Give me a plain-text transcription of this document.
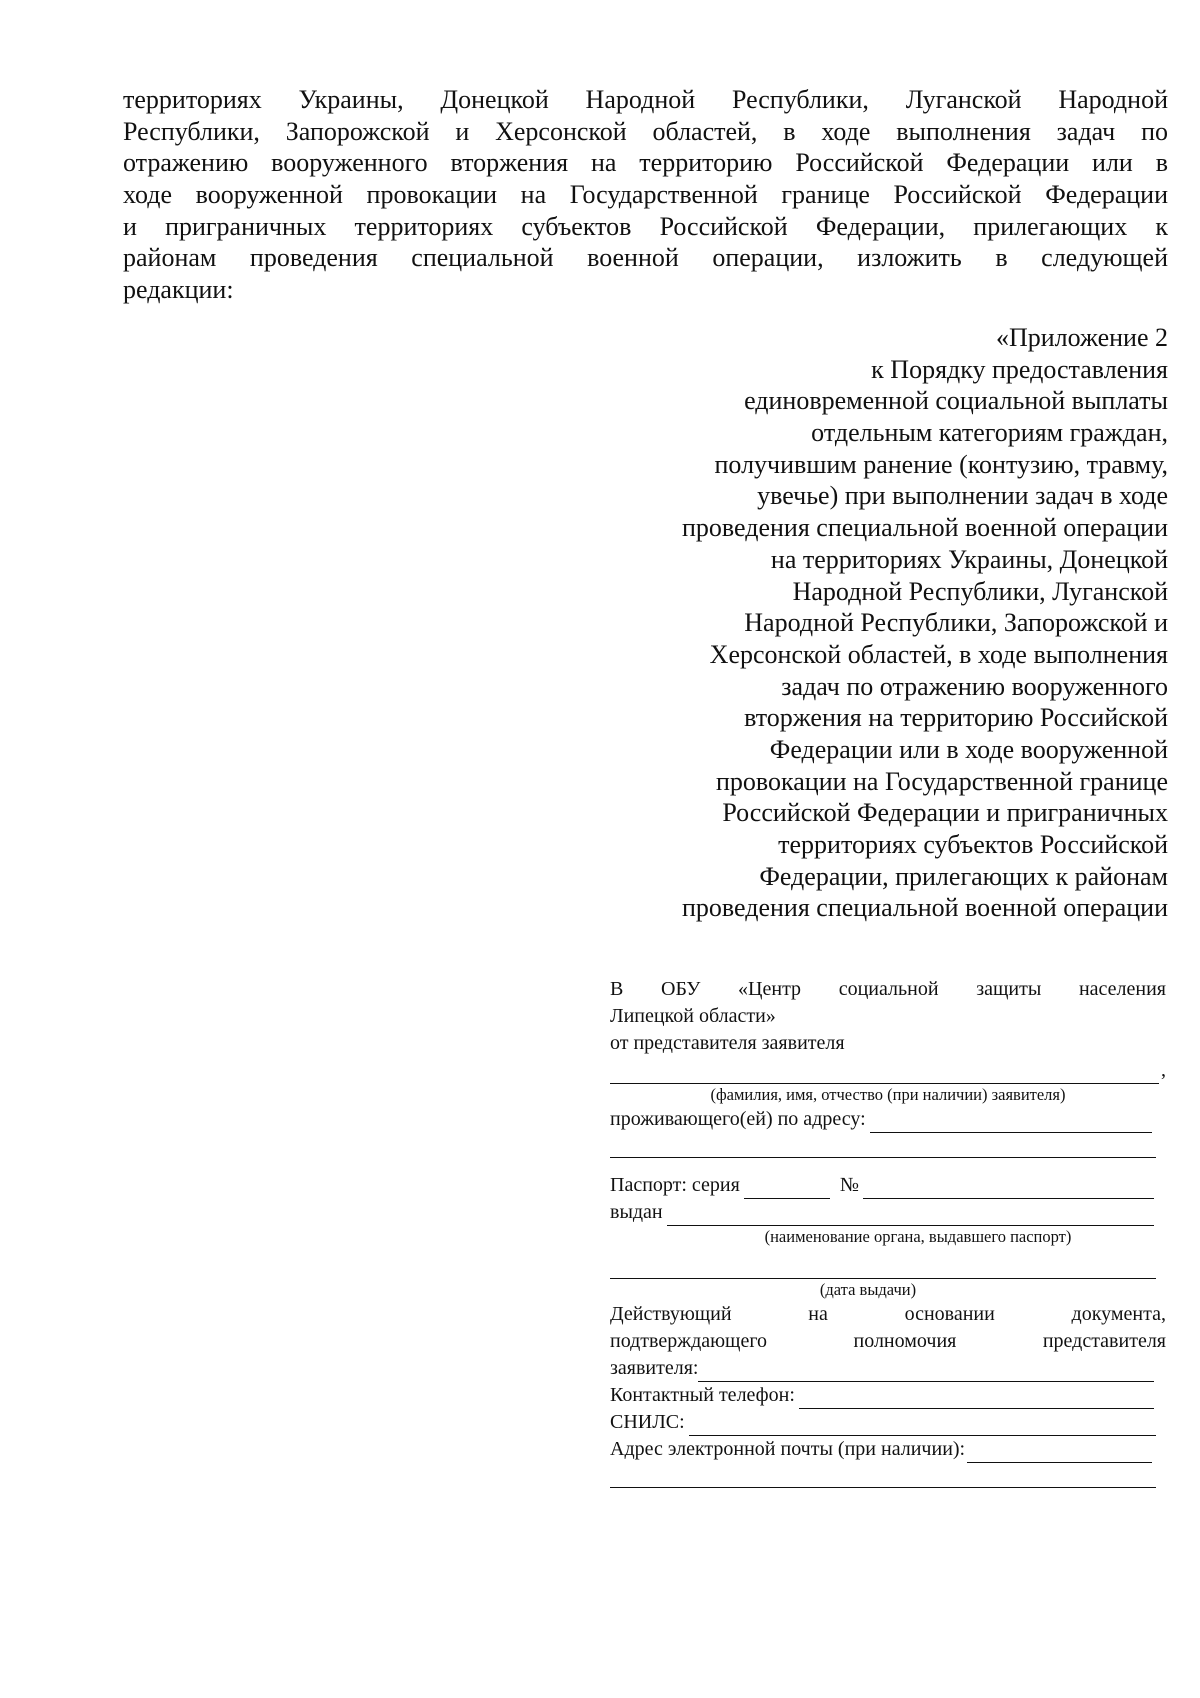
территориях Украины, Донецкой Народной Республики, Луганской Народной
Республики, Запорожской и Херсонской областей, в ходе выполнения задач по
отражению вооруженного вторжения на территорию Российской Федерации или в
ходе вооруженной провокации на Государственной границе Российской Федерации
и приграничных территориях субъектов Российской Федерации, прилегающих к
районам проведения специальной военной операции, изложить в следующей
редакции:
«Приложение 2
к Порядку предоставления
единовременной социальной выплаты
отдельным категориям граждан,
получившим ранение (контузию, травму,
увечье) при выполнении задач в ходе
проведения специальной военной операции
на территориях Украины, Донецкой
Народной Республики, Луганской
Народной Республики, Запорожской и
Херсонской областей, в ходе выполнения
задач по отражению вооруженного
вторжения на территорию Российской
Федерации или в ходе вооруженной
провокации на Государственной границе
Российской Федерации и приграничных
территориях субъектов Российской
Федерации, прилегающих к районам
проведения специальной военной операции
В ОБУ «Центр социальной защиты населения
Липецкой области»
от представителя заявителя
,
(фамилия, имя, отчество (при наличии) заявителя)
проживающего(ей) по адресу:
Паспорт: серия	№
выдан
(наименование органа, выдавшего паспорт)
(дата выдачи)
Действующий на основании документа,
подтверждающего полномочия представителя
заявителя:
Контактный телефон:
СНИЛС:
Адрес электронной почты (при наличии):
